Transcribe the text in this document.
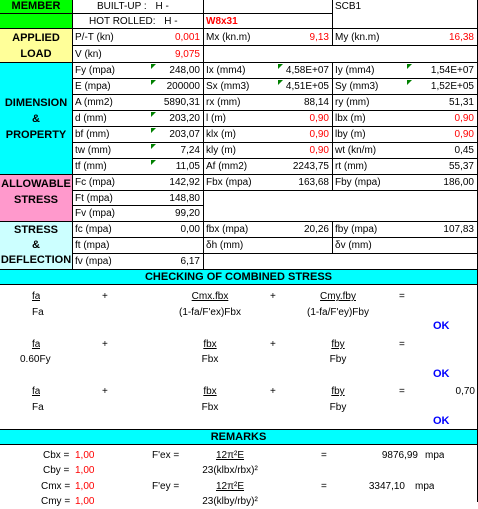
MEMBER	BUILT-UP : H -
HOT ROLLED: H -	W8x31
SCB1
APPLIED
LOAD
P/-T (kn)	0,001 Mx (kn.m)	9,13 My (kn.m)	16,38
V (kn)	9,075
DIMENSION
&
PROPERTY
Fy (mpa)	248,00 Ix (mm4)	4,58E+07 Iy (mm4)	1,54E+07
E (mpa)	200000 Sx (mm3)	4,51E+05 Sy (mm3)	1,52E+05
A (mm2)	5890,31 rx (mm)	88,14 ry (mm)	51,31
d (mm)	203,20 l (m)	0,90 lbx (m)	0,90
bf (mm)	203,07 klx (m)	0,90 lby (m)	0,90
tw (mm)	7,24 kly (m)	0,90 wt (kn/m)	0,45
tf (mm)	11,05 Af (mm2)	2243,75 rt (mm)	55,37
ALLOWABLE
STRESS
Fc (mpa)	142,92 Fbx (mpa)	163,68 Fby (mpa)	186,00
Ft (mpa)	148,80
Fv (mpa)	99,20
STRESS
&
DEFLECTION
fc (mpa)	0,00 fbx (mpa)	20,26 fby (mpa)	107,83
ft (mpa)	δh (mm)	δv (mm)
fv (mpa)	6,17
CHECKING OF COMBINED STRESS
fa
Fa
+	Cmx.fbx
(1-fa/F'ex)Fbx
+	Cmy.fby
(1-fa/F'ey)Fby
=
OK
fa
0.60Fy
+	fbx
Fbx
+	fby
Fby
=
OK
fa
Fa
+	fbx
Fbx
+	fby
Fby
=	0,70
OK
REMARKS
Cbx = 1,00
Cby = 1,00
Cmx = 1,00
Cmy = 1,00
F'ex =	12π²E
23(klbx/rbx)²
=	9876,99 mpa
F'ey =	12π²E
23(klby/rby)²
=	3347,10 mpa
